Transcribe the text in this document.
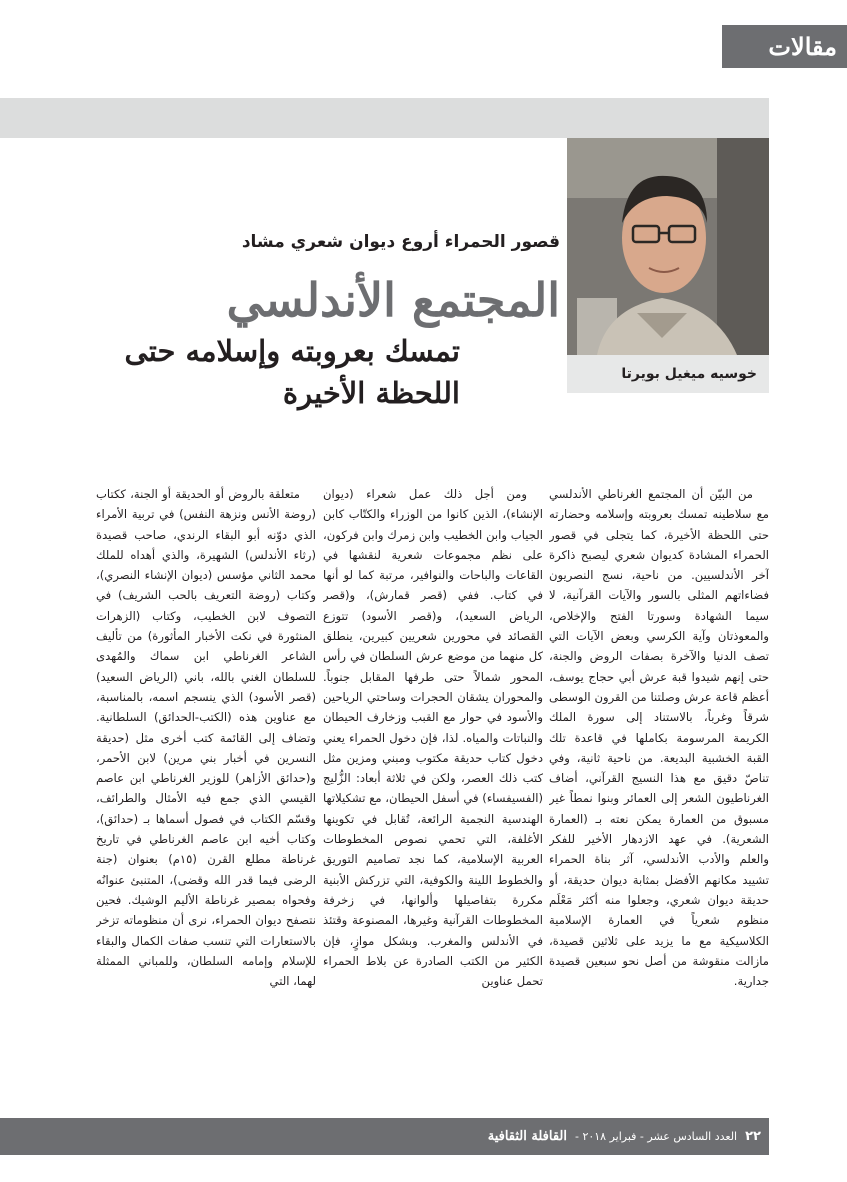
مقالات
خوسيه ميغيل بويرتا
قصور الحمراء أروع ديوان شعري مشاد
المجتمع الأندلسي
تمسك بعروبته وإسلامه حتى اللحظة الأخيرة

من البيّن أن المجتمع الغرناطي الأندلسي مع سلاطينه تمسك بعروبته وإسلامه وحضارته حتى اللحظة الأخيرة، كما يتجلى في قصور الحمراء المشادة كديوان شعري ليصبح ذاكرة آخر الأندلسيين. من ناحية، نسج النصريون فضاءاتهم المثلى بالسور والآيات القرآنية، لا سيما الشهادة وسورتا الفتح والإخلاص، والمعوذتان وآية الكرسي وبعض الآيات التي تصف الدنيا والآخرة بصفات الروض والجنة، حتى إنهم شيدوا قبة عرش أبي حجاج يوسف، أعظم قاعة عرش وصلتنا من القرون الوسطى شرقاً وغرباً، بالاستناد إلى سورة الملك الكريمة المرسومة بكاملها في قاعدة تلك القبة الخشبية البديعة. من ناحية ثانية، وفي تناصّ دقيق مع هذا النسيج القرآني، أضاف الغرناطيون الشعر إلى العمائر وبنوا نمطاً غير مسبوق من العمارة يمكن نعته بـ (العمارة الشعرية). في عهد الازدهار الأخير للفكر والعلم والأدب الأندلسي، آثر بناة الحمراء تشييد مكانهم الأفضل بمثابة ديوان حديقة، أو حديقة ديوان شعري، وجعلوا منه أكثر مَعْلَم منظوم شعرياً في العمارة الإسلامية الكلاسيكية مع ما يزيد على ثلاثين قصيدة، مازالت منقوشة من أصل نحو سبعين قصيدة جدارية.

ومن أجل ذلك عمل شعراء (ديوان الإنشاء)، الذين كانوا من الوزراء والكتّاب كابن الجياب وابن الخطيب وابن زمرك وابن فركون، على نظم مجموعات شعرية لنقشها في القاعات والباحات والنوافير، مرتبة كما لو أنها في كتاب. ففي (قصر قمارش)، و(قصر الرياض السعيد)، و(قصر الأسود) تتوزع القصائد في محورين شعريين كبيرين، ينطلق كل منهما من موضع عرش السلطان في رأس المحور شمالاً حتى طرفها المقابل جنوباً. والمحوران يشقان الحجرات وساحتي الرياحين والأسود في حوار مع القبب وزخارف الحيطان والنباتات والمياه. لذا، فإن دخول الحمراء يعني دخول كتاب حديقة مكتوب ومبني ومزين مثل كتب ذلك العصر، ولكن في ثلاثة أبعاد: الزُّليج (الفسيفساء) في أسفل الحيطان، مع تشكيلاتها الهندسية النجمية الرائعة، تُقابل في تكوينها الأغلفة، التي تحمي نصوص المخطوطات العربية الإسلامية، كما نجد تصاميم التوريق والخطوط اللينة والكوفية، التي تزركش الأبنية مكررة بتفاصيلها وألوانها، في زخرفة المخطوطات القرآنية وغيرها، المصنوعة وقتئذ في الأندلس والمغرب. وبشكل موازٍ، فإن الكثير من الكتب الصادرة عن بلاط الحمراء تحمل عناوين

متعلقة بالروض أو الحديقة أو الجنة، ككتاب (روضة الأنس ونزهة النفس) في تربية الأمراء الذي دوّنه أبو البقاء الرندي، صاحب قصيدة (رثاء الأندلس) الشهيرة، والذي أهداه للملك محمد الثاني مؤسس (ديوان الإنشاء النصري)، وكتاب (روضة التعريف بالحب الشريف) في التصوف لابن الخطيب، وكتاب (الزهرات المنثورة في نكت الأخبار المأثورة) من تأليف الشاعر الغرناطي ابن سماك والمُهدى للسلطان الغني بالله، باني (الرياض السعيد) (قصر الأسود) الذي ينسجم اسمه، بالمناسبة، مع عناوين هذه (الكتب-الحدائق) السلطانية. وتضاف إلى القائمة كتب أخرى مثل (حديقة النسرين في أخبار بني مرين) لابن الأحمر، و(حدائق الأزاهر) للوزير الغرناطي ابن عاصم القيسي الذي جمع فيه الأمثال والطرائف، وقسّم الكتاب في فصول أسماها بـ (حدائق)، وكتاب أخيه ابن عاصم الغرناطي في تاريخ غرناطة مطلع القرن (١٥م) بعنوان (جنة الرضى فيما قدر الله وقضى)، المتنبئ عنوانُه وفحواه بمصير غرناطة الأليم الوشيك. فحين نتصفح ديوان الحمراء، نرى أن منظوماته تزخر بالاستعارات التي تنسب صفات الكمال والبقاء للإسلام وإمامه السلطان، وللمباني الممثلة لهما، التي

٢٢
العدد السادس عشر - فبراير ٢٠١٨ -
القافلة الثقافية
